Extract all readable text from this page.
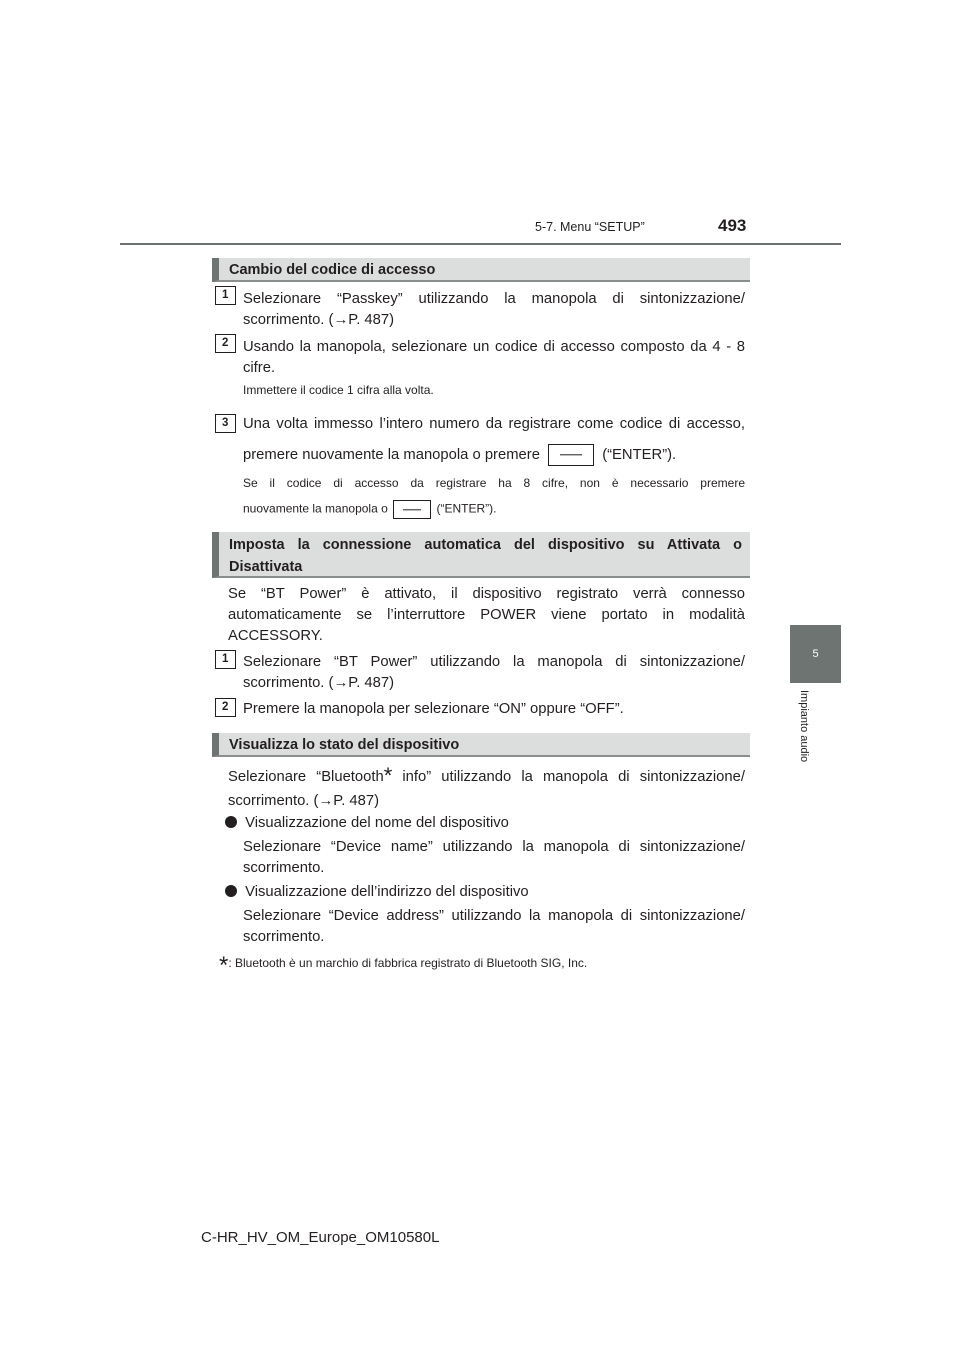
5-7. Menu “SETUP”	493
5
Impianto audio
Cambio del codice di accesso
1 Selezionare “Passkey” utilizzando la manopola di sintonizzazione/
scorrimento. (→P. 487)
2 Usando la manopola, selezionare un codice di accesso composto da 4 - 8
cifre.
Immettere il codice 1 cifra alla volta.
3 Una volta immesso l’intero numero da registrare come codice di accesso,
premere nuovamente la manopola o premere	(“ENTER”).
Se il codice di accesso da registrare ha 8 cifre, non è necessario premere
nuovamente la manopola o	(“ENTER”).
Imposta la connessione automatica del dispositivo su Attivata o Disattivata
Se “BT Power” è attivato, il dispositivo registrato verrà connesso
automaticamente se l’interruttore POWER viene portato in modalità
ACCESSORY.
1 Selezionare “BT Power” utilizzando la manopola di sintonizzazione/
scorrimento. (→P. 487)
2 Premere la manopola per selezionare “ON” oppure “OFF”.
Visualizza lo stato del dispositivo
Selezionare “Bluetooth* info” utilizzando la manopola di sintonizzazione/
scorrimento. (→P. 487)
Visualizzazione del nome del dispositivo
Selezionare “Device name” utilizzando la manopola di sintonizzazione/
scorrimento.
Visualizzazione dell’indirizzo del dispositivo
Selezionare “Device address” utilizzando la manopola di sintonizzazione/
scorrimento.
*: Bluetooth è un marchio di fabbrica registrato di Bluetooth SIG, Inc.
C-HR_HV_OM_Europe_OM10580L
